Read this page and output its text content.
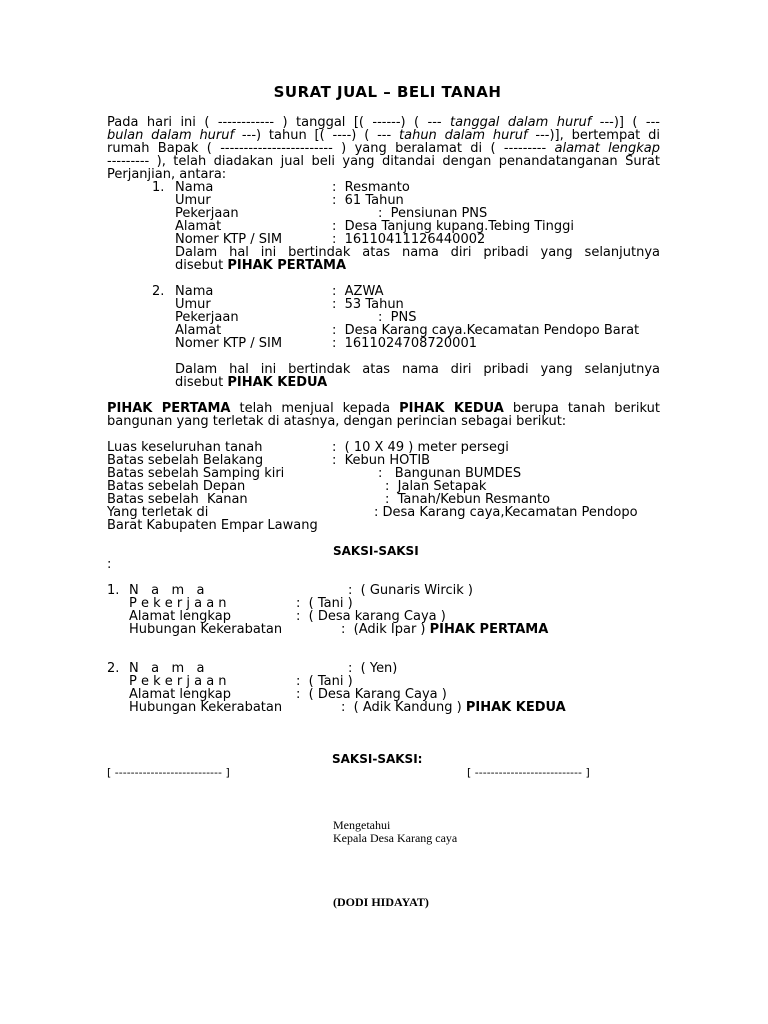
SURAT JUAL – BELI TANAH
Pada hari ini ( ------------ ) tanggal [( ------) ( --- tanggal dalam huruf ---)] ( ---
bulan dalam huruf ---) tahun [( ----) ( --- tahun dalam huruf ---)], bertempat di
rumah Bapak ( ------------------------ ) yang beralamat di ( --------- alamat lengkap
--------- ), telah diadakan jual beli yang ditandai dengan penandatanganan Surat
Perjanjian, antara:
1. Nama	:  Resmanto
Umur	:  61 Tahun
Pekerjaan	:  Pensiunan PNS
Alamat	:  Desa Tanjung kupang.Tebing Tinggi
Nomer KTP / SIM	:  16110411126440002
Dalam hal ini bertindak atas nama diri pribadi yang selanjutnya
disebut PIHAK PERTAMA
2. Nama	:  AZWA
Umur	:  53 Tahun
Pekerjaan	:  PNS
Alamat	:  Desa Karang caya.Kecamatan Pendopo Barat
Nomer KTP / SIM	:  1611024708720001
Dalam hal ini bertindak atas nama diri pribadi yang selanjutnya
disebut PIHAK KEDUA
PIHAK PERTAMA telah menjual kepada PIHAK KEDUA berupa tanah berikut
bangunan yang terletak di atasnya, dengan perincian sebagai berikut:
Luas keseluruhan tanah	:  ( 10 X 49 ) meter persegi
Batas sebelah Belakang	:  Kebun HOTIB
Batas sebelah Samping kiri	:   Bangunan BUMDES
Batas sebelah Depan	:  Jalan Setapak
Batas sebelah  Kanan	:  Tanah/Kebun Resmanto
Yang terletak di	: Desa Karang caya,Kecamatan Pendopo
Barat Kabupaten Empar Lawang
SAKSI-SAKSI
:
1. N   a   m   a	:  ( Gunaris Wircik )
P e k e r j a a n	:  ( Tani )
Alamat lengkap	:  ( Desa karang Caya )
Hubungan Kekerabatan	:  (Adik Ipar ) PIHAK PERTAMA
2. N   a   m   a	:  ( Yen)
P e k e r j a a n	:  ( Tani )
Alamat lengkap	:  ( Desa Karang Caya )
Hubungan Kekerabatan	:  ( Adik Kandung ) PIHAK KEDUA
SAKSI-SAKSI:
[ --------------------------- ]	[ --------------------------- ]
Mengetahui
Kepala Desa Karang caya
(DODI HIDAYAT)
